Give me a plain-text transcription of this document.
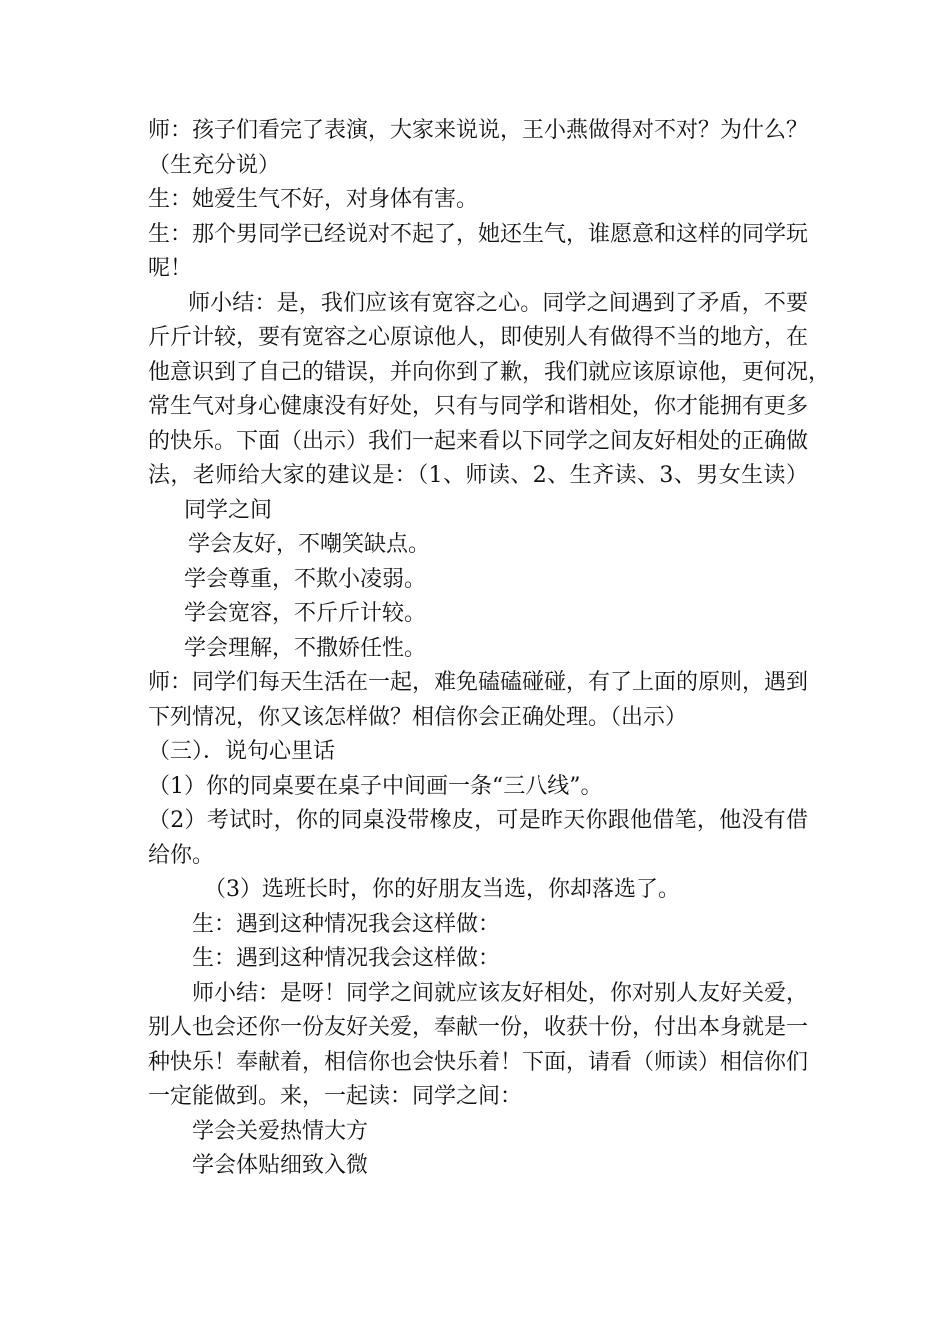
师：孩子们看完了表演，大家来说说，王小燕做得对不对？为什么？
（生充分说）
生：她爱生气不好，对身体有害。
生：那个男同学已经说对不起了，她还生气，谁愿意和这样的同学玩
呢！
师小结：是，我们应该有宽容之心。同学之间遇到了矛盾，不要
斤斤计较，要有宽容之心原谅他人，即使别人有做得不当的地方，在
他意识到了自己的错误，并向你到了歉，我们就应该原谅他，更何况，
常生气对身心健康没有好处，只有与同学和谐相处，你才能拥有更多
的快乐。下面（出示）我们一起来看以下同学之间友好相处的正确做
法，老师给大家的建议是：（1、师读、2、生齐读、3、男女生读）
同学之间
学会友好，不嘲笑缺点。
学会尊重，不欺小凌弱。
学会宽容，不斤斤计较。
学会理解，不撒娇任性。
师：同学们每天生活在一起，难免磕磕碰碰，有了上面的原则，遇到
下列情况，你又该怎样做？相信你会正确处理。（出示）
（三）．说句心里话
（1）你的同桌要在桌子中间画一条“三八线”。
（2）考试时，你的同桌没带橡皮，可是昨天你跟他借笔，他没有借
给你。
（3）选班长时，你的好朋友当选，你却落选了。
生：遇到这种情况我会这样做：
生：遇到这种情况我会这样做：
师小结：是呀！同学之间就应该友好相处，你对别人友好关爱，
别人也会还你一份友好关爱，奉献一份，收获十份，付出本身就是一
种快乐！奉献着，相信你也会快乐着！下面，请看（师读）相信你们
一定能做到。来，一起读：同学之间：
学会关爱热情大方
学会体贴细致入微
